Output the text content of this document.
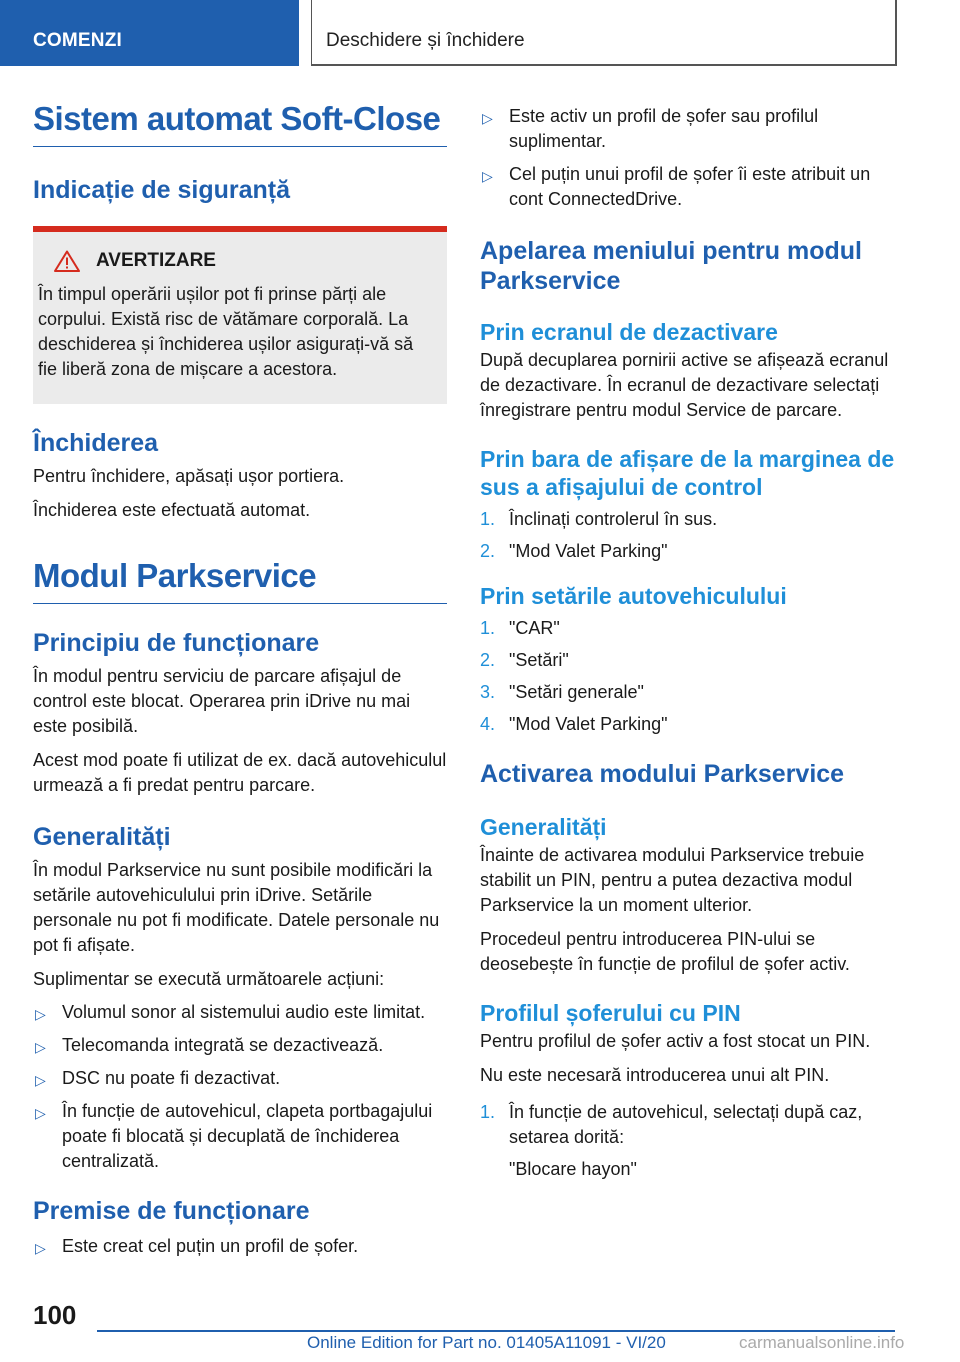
COMENZI	Deschidere și închidere
Sistem automat Soft-Close
Indicație de siguranță
AVERTIZARE

În timpul operării ușilor pot fi prinse părți ale corpului. Există risc de vătămare corporală. La deschiderea și închiderea ușilor asigurați-vă să fie liberă zona de mișcare a acestora.

Închiderea

Pentru închidere, apăsați ușor portiera.

Închiderea este efectuată automat.

Modul Parkservice
Principiu de funcționare

În modul pentru serviciu de parcare afișajul de control este blocat. Operarea prin iDrive nu mai este posibilă.

Acest mod poate fi utilizat de ex. dacă autovehiculul urmează a fi predat pentru parcare.

Generalități

În modul Parkservice nu sunt posibile modificări la setările autovehiculului prin iDrive. Setările personale nu pot fi modificate. Datele personale nu pot fi afișate.

Suplimentar se execută următoarele acțiuni:

▷ Volumul sonor al sistemului audio este limitat.
▷ Telecomanda integrată se dezactivează.
▷ DSC nu poate fi dezactivat.
▷ În funcție de autovehicul, clapeta portbagajului poate fi blocată și decuplată de închiderea centralizată.
Premise de funcționare
▷ Este creat cel puțin un profil de șofer.
▷ Este activ un profil de șofer sau profilul suplimentar.
▷ Cel puțin unui profil de șofer îi este atribuit un cont ConnectedDrive.
Apelarea meniului pentru modul Parkservice
Prin ecranul de dezactivare

După decuplarea pornirii active se afișează ecranul de dezactivare. În ecranul de dezactivare selectați înregistrare pentru modul Service de parcare.

Prin bara de afișare de la marginea de sus a afișajului de control
1. Înclinați controlerul în sus.
2. "Mod Valet Parking"
Prin setările autovehiculului
1. "CAR"
2. "Setări"
3. "Setări generale"
4. "Mod Valet Parking"
Activarea modului Parkservice
Generalități

Înainte de activarea modului Parkservice trebuie stabilit un PIN, pentru a putea dezactiva modul Parkservice la un moment ulterior.

Procedeul pentru introducerea PIN-ului se deosebește în funcție de profilul de șofer activ.

Profilul șoferului cu PIN

Pentru profilul de șofer activ a fost stocat un PIN.

Nu este necesară introducerea unui alt PIN.

1. În funcție de autovehicul, selectați după caz, setarea dorită:

"Blocare hayon"

100
Online Edition for Part no. 01405A11091 - VI/20	carmanualsonline.info
